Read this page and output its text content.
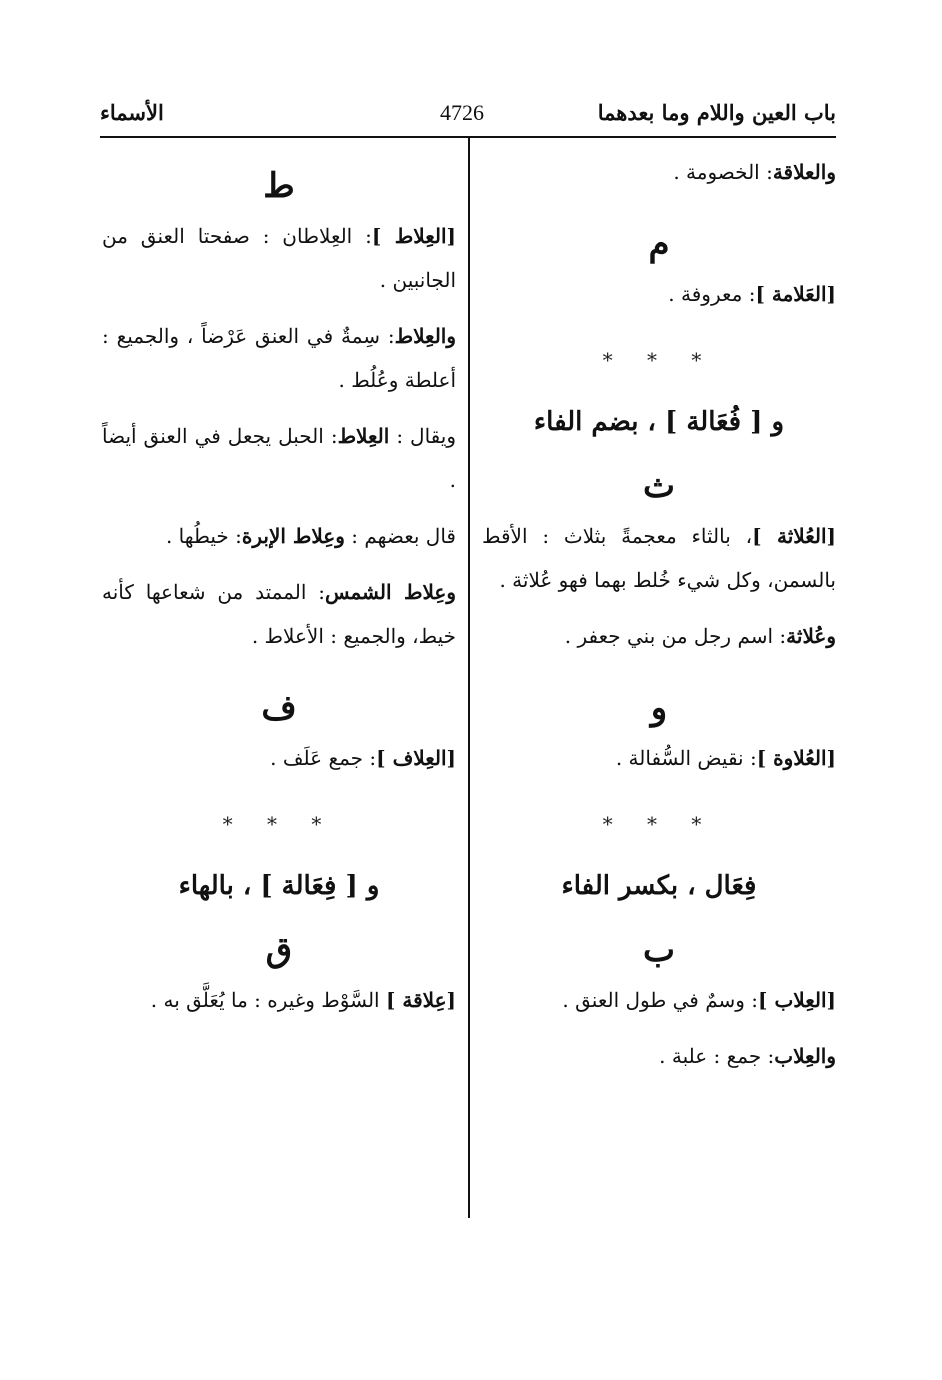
باب العين واللام وما بعدهما
4726
الأسماء

والعلاقة: الخصومة .

م

[العَلامة ]: معروفة .

* * *
و [ فُعَالة ] ، بضم الفاء
ث

[العُلاثة ]، بالثاء معجمةً بثلاث : الأقط بالسمن، وكل شيء خُلط بهما فهو عُلاثة .

وعُلاثة: اسم رجل من بني جعفر .

و

[العُلاوة ]: نقيض السُّفالة .

* * *
فِعَال ، بكسر الفاء
ب

[العِلاب ]: وسمٌ في طول العنق .

والعِلاب: جمع : علبة .

ط

[العِلاط ]: العِلاطان : صفحتا العنق من الجانبين .

والعِلاط: سِمةٌ في العنق عَرْضاً ، والجميع : أعلطة وعُلُط .

ويقال : العِلاط: الحبل يجعل في العنق أيضاً .

قال بعضهم : وعِلاط الإبرة: خيطُها .

وعِلاط الشمس: الممتد من شعاعها كأنه خيط، والجميع : الأعلاط .

ف

[العِلاف ]: جمع عَلَف .

* * *
و [ فِعَالة ] ، بالهاء
ق

[عِلاقة ] السَّوْط وغيره : ما يُعَلَّق به .
